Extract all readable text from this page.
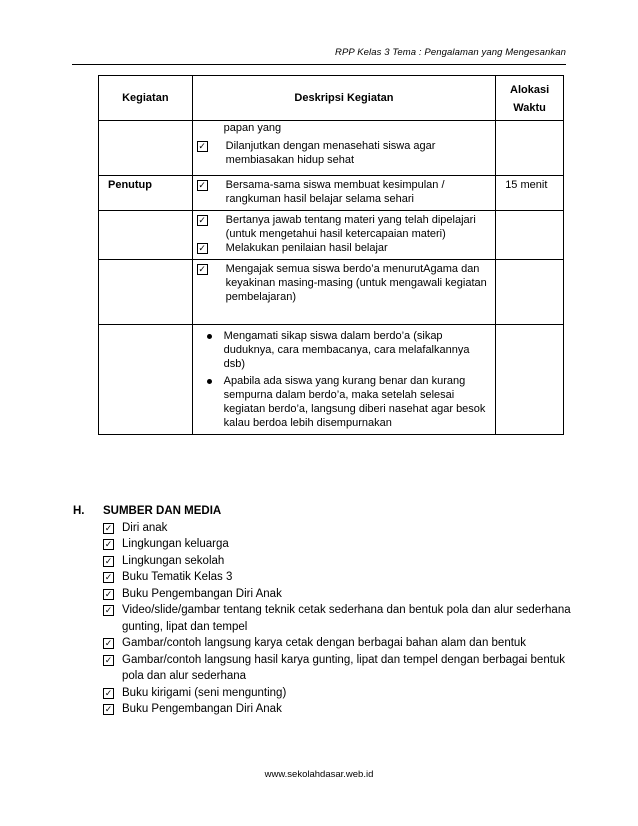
RPP Kelas 3 Tema : Pengalaman yang Mengesankan
Kegiatan	Deskripsi Kegiatan	Alokasi Waktu

	papan yang
✓ Dilanjutkan dengan menasehati siswa agar membiasakan hidup sehat	

Penutup	✓ Bersama-sama siswa membuat kesimpulan / rangkuman hasil belajar selama sehari	15 menit

	✓ Bertanya jawab tentang materi yang telah dipelajari (untuk mengetahui hasil ketercapaian materi)
✓ Melakukan penilaian hasil belajar	

	✓ Mengajak semua siswa berdo’a menurutAgama dan keyakinan masing-masing (untuk mengawali kegiatan pembelajaran)	

	Mengamati sikap siswa dalam berdo’a (sikap duduknya, cara membacanya, cara melafalkannya dsb)
Apabila ada siswa yang kurang benar dan kurang sempurna dalam berdo’a, maka setelah selesai kegiatan berdo’a, langsung diberi nasehat agar besok kalau berdoa lebih disempurnakan	

H.	SUMBER DAN MEDIA
✓ Diri anak
✓ Lingkungan keluarga
✓ Lingkungan sekolah
✓ Buku Tematik Kelas 3
✓ Buku Pengembangan Diri Anak
✓ Video/slide/gambar tentang teknik cetak sederhana dan bentuk pola dan alur sederhana gunting, lipat dan tempel
✓ Gambar/contoh langsung karya cetak dengan berbagai bahan alam dan bentuk
✓ Gambar/contoh langsung hasil karya gunting, lipat dan tempel dengan berbagai bentuk pola dan alur sederhana
✓ Buku kirigami (seni mengunting)
✓ Buku Pengembangan Diri Anak
www.sekolahdasar.web.id
